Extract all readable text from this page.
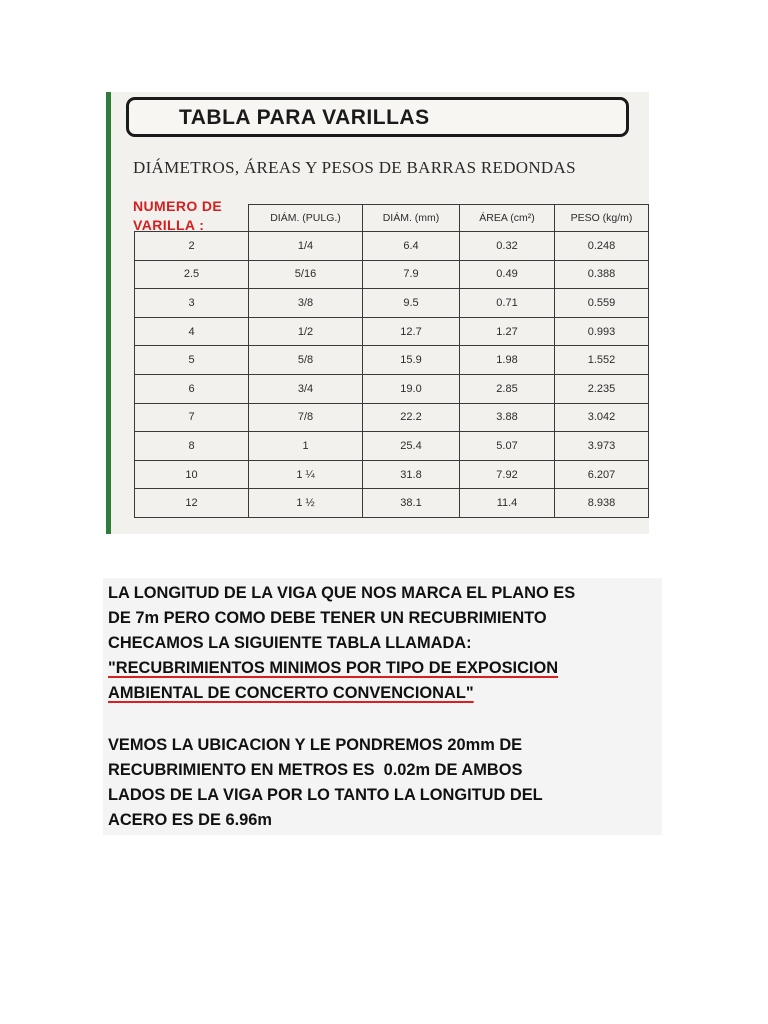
TABLA PARA VARILLAS
DIÁMETROS, ÁREAS Y PESOS DE BARRAS REDONDAS
NUMERO DE
VARILLA :
		DIÁM. (PULG.)	DIÁM. (mm)	ÁREA (cm²)	PESO (kg/m)
2	1/4	6.4	0.32	0.248
2.5	5/16	7.9	0.49	0.388
3	3/8	9.5	0.71	0.559
4	1/2	12.7	1.27	0.993
5	5/8	15.9	1.98	1.552
6	3/4	19.0	2.85	2.235
7	7/8	22.2	3.88	3.042
8	1	25.4	5.07	3.973
10	1 ¼	31.8	7.92	6.207
12	1 ½	38.1	11.4	8.938

LA LONGITUD DE LA VIGA QUE NOS MARCA EL PLANO ES
DE 7m PERO COMO DEBE TENER UN RECUBRIMIENTO
CHECAMOS LA SIGUIENTE TABLA LLAMADA:
"RECUBRIMIENTOS MINIMOS POR TIPO DE EXPOSICION
AMBIENTAL DE CONCERTO CONVENCIONAL"

VEMOS LA UBICACION Y LE PONDREMOS 20mm DE
RECUBRIMIENTO EN METROS ES  0.02m DE AMBOS
LADOS DE LA VIGA POR LO TANTO LA LONGITUD DEL
ACERO ES DE 6.96m
